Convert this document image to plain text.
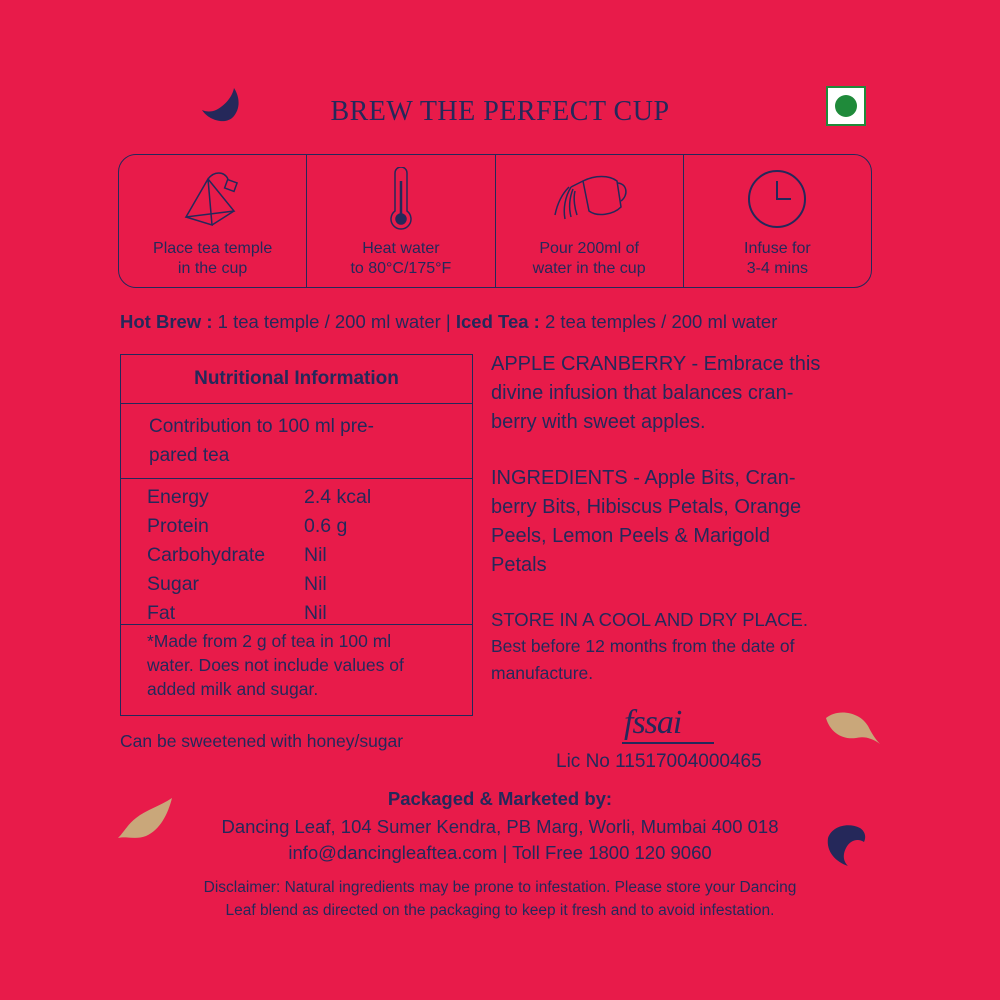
BREW THE PERFECT CUP
Place tea temple
in the cup
Heat water
to 80°C/175°F
Pour 200ml of
water in the cup
Infuse for
3-4 mins
Hot Brew : 1 tea temple / 200 ml water | Iced Tea : 2 tea temples / 200 ml water
Nutritional Information
Contribution to 100 ml pre-
pared tea
Energy	2.4 kcal
Protein	0.6 g
Carbohydrate	Nil
Sugar	Nil
Fat	Nil
*Made from 2 g of tea in 100 ml
water. Does not include values of
added milk and sugar.
APPLE CRANBERRY - Embrace this
divine infusion that balances cran-
berry with sweet apples.
INGREDIENTS - Apple Bits, Cran-
berry Bits, Hibiscus Petals, Orange
Peels, Lemon Peels & Marigold
Petals
STORE IN A COOL AND DRY PLACE.
Best before 12 months from the date of
manufacture.
Can be sweetened with honey/sugar	fssai
Lic No 11517004000465
Packaged & Marketed by:
Dancing Leaf, 104 Sumer Kendra, PB Marg, Worli, Mumbai 400 018
info@dancingleaftea.com | Toll Free 1800 120 9060
Disclaimer: Natural ingredients may be prone to infestation. Please store your Dancing
Leaf blend as directed on the packaging to keep it fresh and to avoid infestation.
